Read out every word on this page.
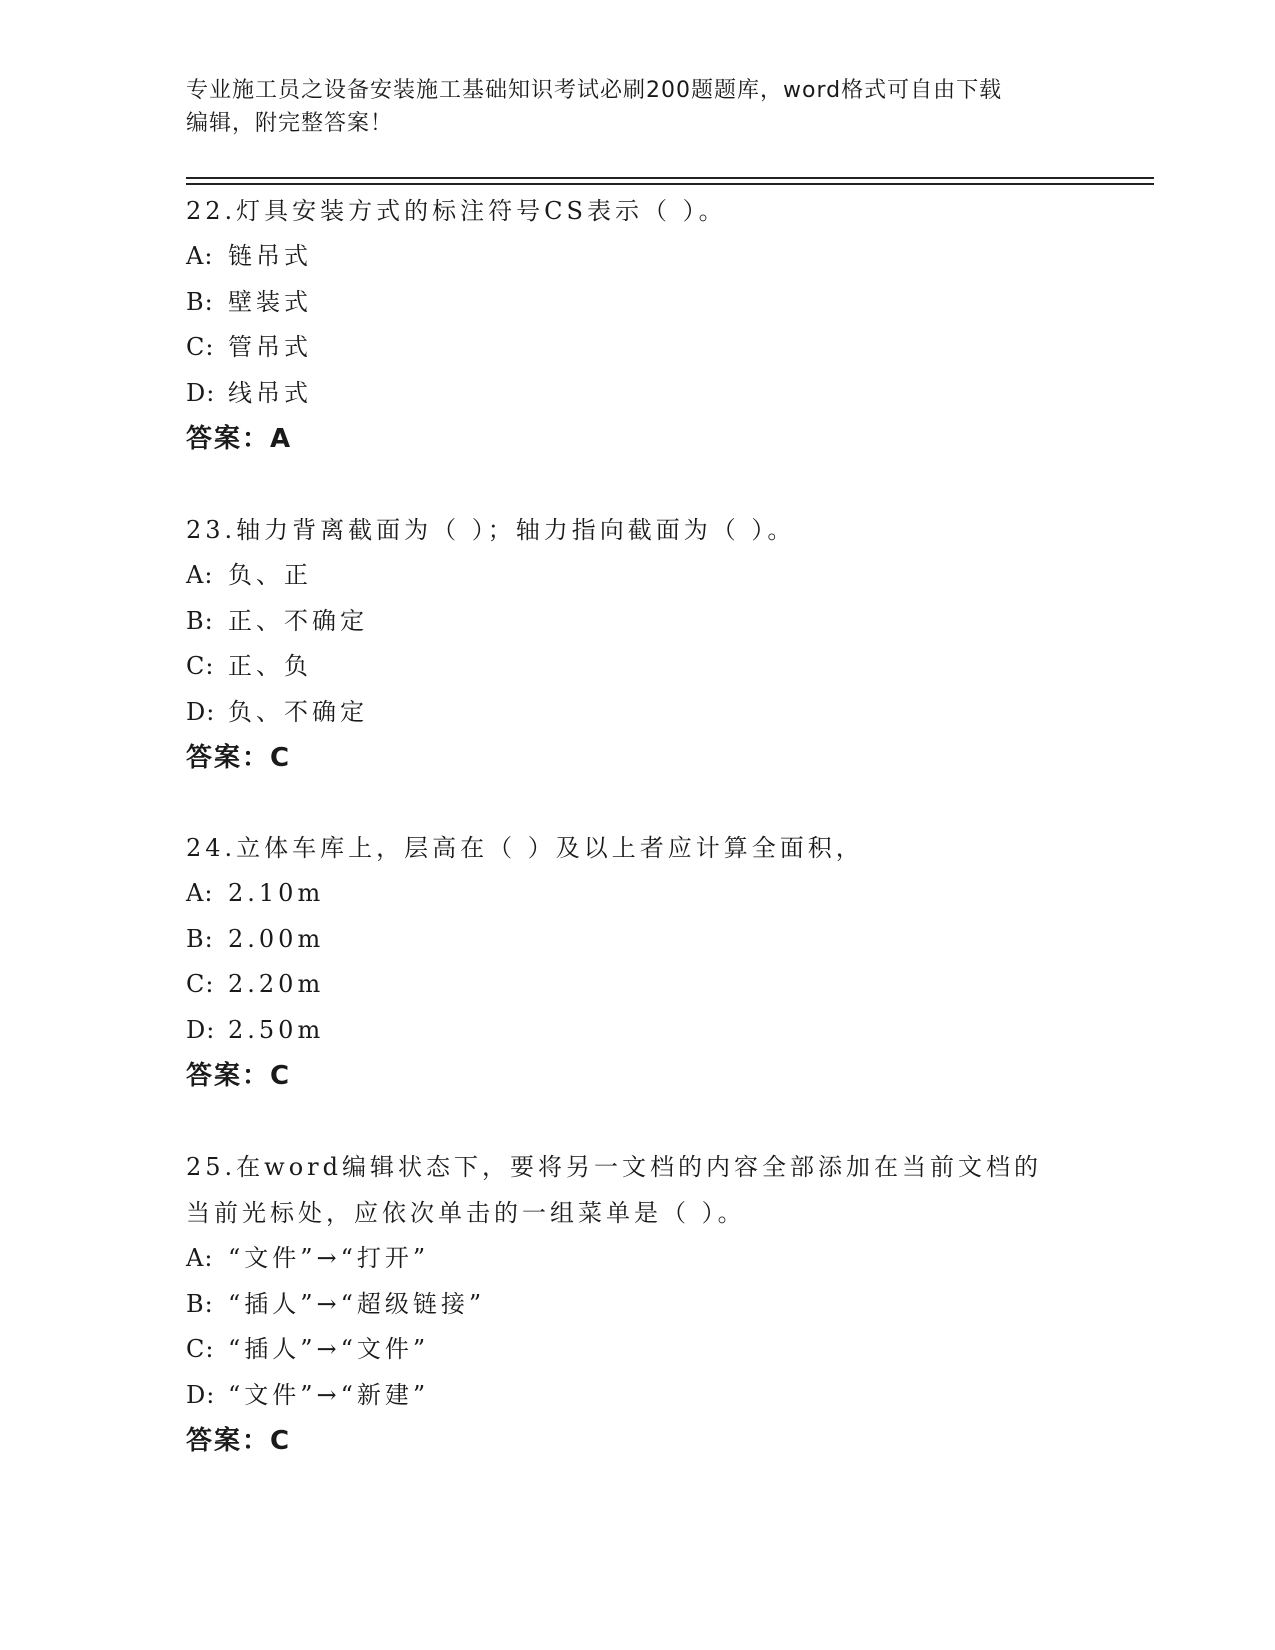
专业施工员之设备安装施工基础知识考试必刷200题题库，word格式可自由下载
编辑，附完整答案！
22.灯具安装方式的标注符号CS表示（ ）。
A: 链吊式
B: 壁装式
C: 管吊式
D: 线吊式
答案：A
23.轴力背离截面为（ ）；轴力指向截面为（ ）。
A: 负、正
B: 正、不确定
C: 正、负
D: 负、不确定
答案：C
24.立体车库上，层高在（ ）及以上者应计算全面积，
A: 2.10m
B: 2.00m
C: 2.20m
D: 2.50m
答案：C
25.在word编辑状态下，要将另一文档的内容全部添加在当前文档的
当前光标处，应依次单击的一组菜单是（ ）。
A: “文件”→“打开”
B: “插人”→“超级链接”
C: “插人”→“文件”
D: “文件”→“新建”
答案：C
